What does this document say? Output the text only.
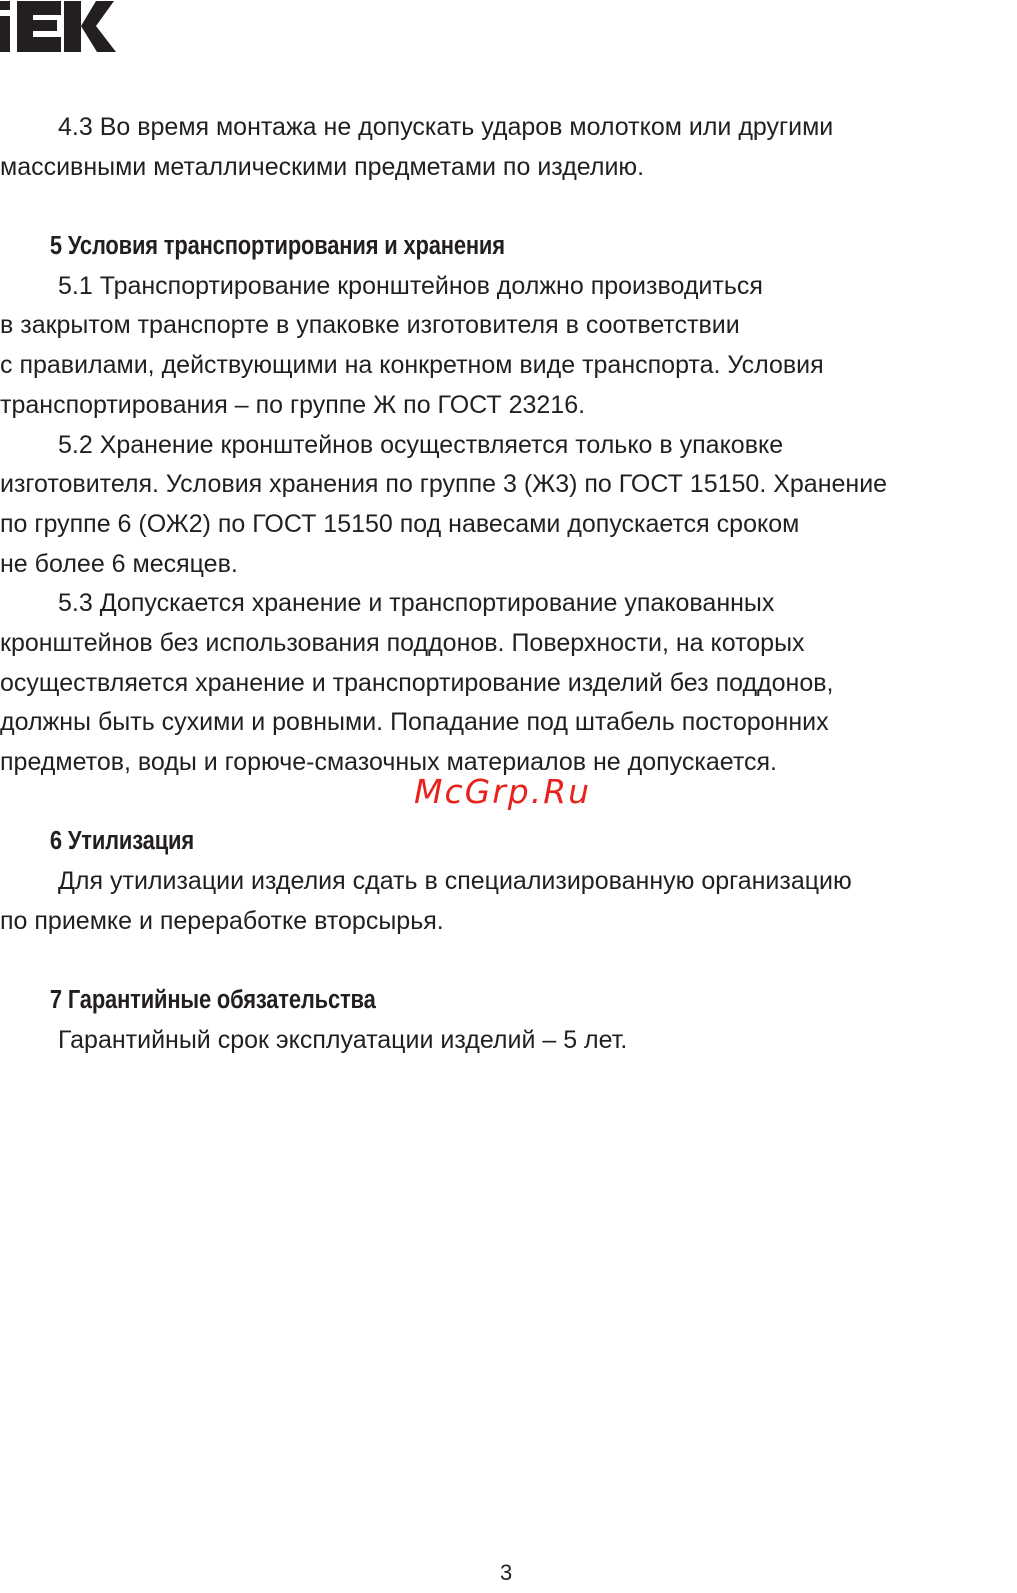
4.3 Во время монтажа не допускать ударов молотком или другими
массивными металлическими предметами по изделию.
5 Условия транспортирования и хранения
5.1 Транспортирование кронштейнов должно производиться
в закрытом транспорте в упаковке изготовителя в соответствии
с правилами, действующими на конкретном виде транспорта. Условия
транспортирования – по группе Ж по ГОСТ 23216.
5.2 Хранение кронштейнов осуществляется только в упаковке
изготовителя. Условия хранения по группе 3 (Ж3) по ГОСТ 15150. Хранение
по группе 6 (ОЖ2) по ГОСТ 15150 под навесами допускается сроком
не более 6 месяцев.
5.3 Допускается хранение и транспортирование упакованных
кронштейнов без использования поддонов. Поверхности, на которых
осуществляется хранение и транспортирование изделий без поддонов,
должны быть сухими и ровными. Попадание под штабель посторонних
предметов, воды и горюче-смазочных материалов не допускается.
6 Утилизация
Для утилизации изделия сдать в специализированную организацию
по приемке и переработке вторсырья.
7 Гарантийные обязательства
Гарантийный срок эксплуатации изделий – 5 лет.
McGrp.Ru
3
